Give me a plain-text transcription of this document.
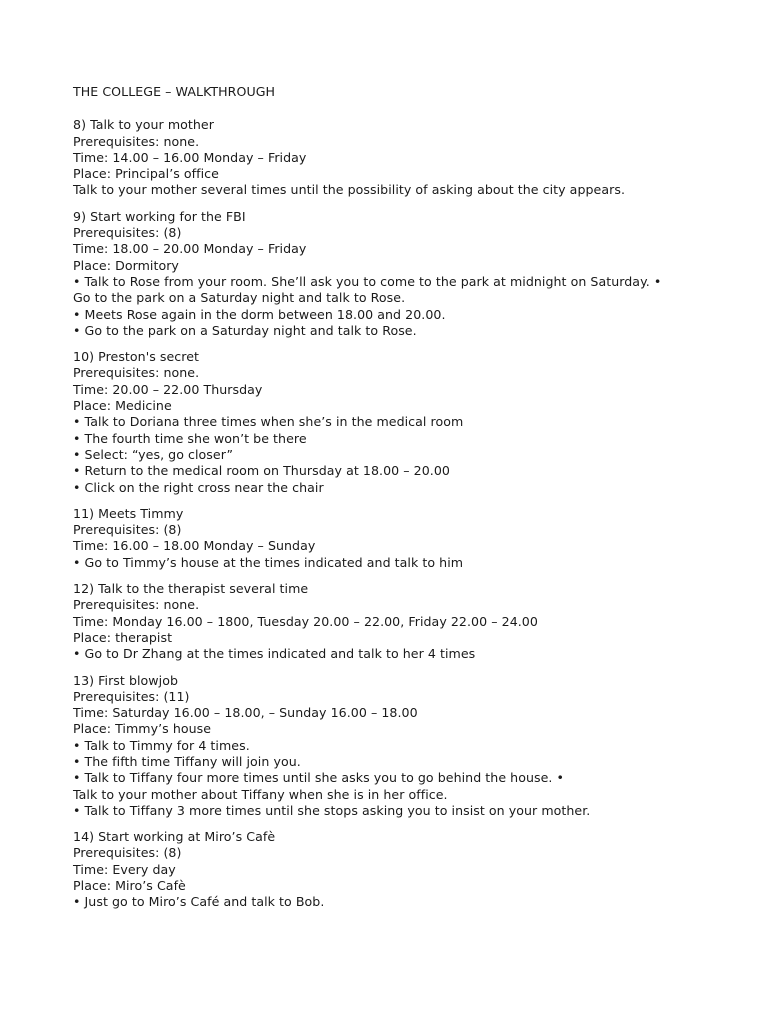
THE COLLEGE – WALKTHROUGH
8) Talk to your mother
Prerequisites: none.
Time: 14.00 – 16.00 Monday – Friday
Place: Principal’s office
Talk to your mother several times until the possibility of asking about the city appears.
9) Start working for the FBI
Prerequisites: (8)
Time: 18.00 – 20.00 Monday – Friday
Place: Dormitory
• Talk to Rose from your room. She’ll ask you to come to the park at midnight on Saturday. •
Go to the park on a Saturday night and talk to Rose.
• Meets Rose again in the dorm between 18.00 and 20.00.
• Go to the park on a Saturday night and talk to Rose.
10) Preston's secret
Prerequisites: none.
Time: 20.00 – 22.00 Thursday
Place: Medicine
• Talk to Doriana three times when she’s in the medical room
• The fourth time she won’t be there
• Select: “yes, go closer”
• Return to the medical room on Thursday at 18.00 – 20.00
• Click on the right cross near the chair
11) Meets Timmy
Prerequisites: (8)
Time: 16.00 – 18.00 Monday – Sunday
• Go to Timmy’s house at the times indicated and talk to him
12) Talk to the therapist several time
Prerequisites: none.
Time: Monday 16.00 – 1800, Tuesday 20.00 – 22.00, Friday 22.00 – 24.00
Place: therapist
• Go to Dr Zhang at the times indicated and talk to her 4 times
13) First blowjob
Prerequisites: (11)
Time: Saturday 16.00 – 18.00, – Sunday 16.00 – 18.00
Place: Timmy’s house
• Talk to Timmy for 4 times.
• The fifth time Tiffany will join you.
• Talk to Tiffany four more times until she asks you to go behind the house. •
Talk to your mother about Tiffany when she is in her office.
• Talk to Tiffany 3 more times until she stops asking you to insist on your mother.
14) Start working at Miro’s Cafè
Prerequisites: (8)
Time: Every day
Place: Miro’s Cafè
• Just go to Miro’s Café and talk to Bob.
